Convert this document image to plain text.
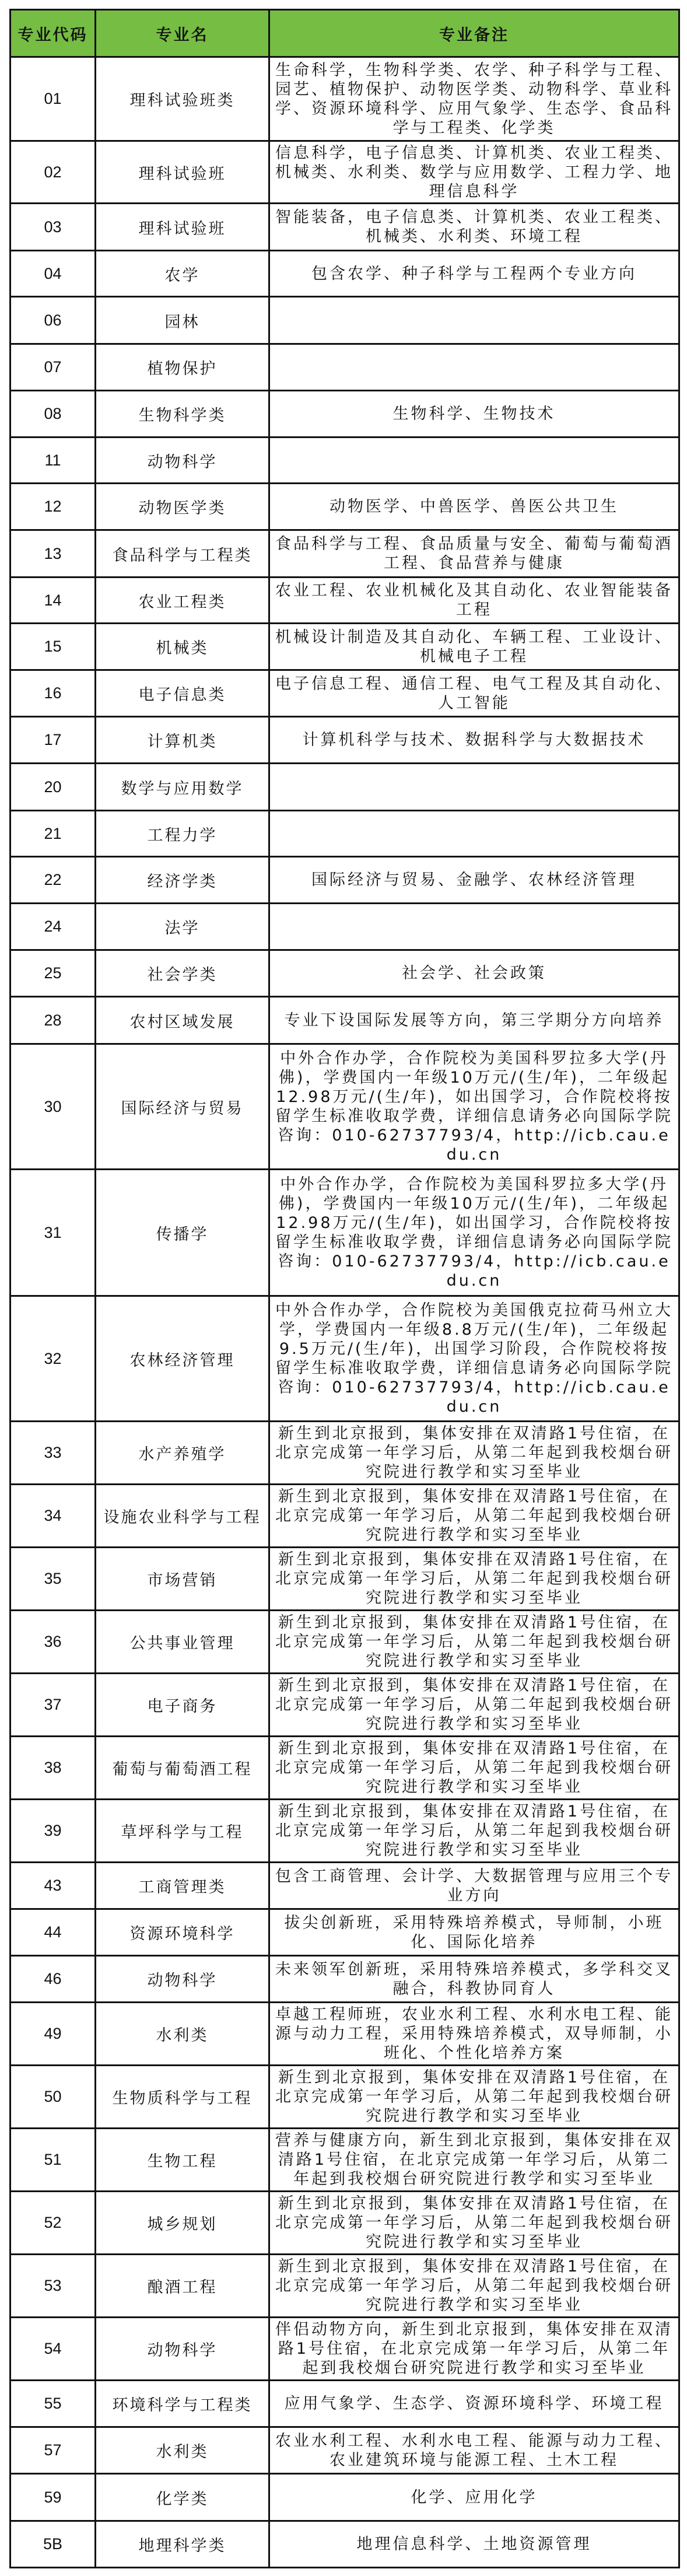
专业代码	专业名	专业备注
01	理科试验班类	生命科学，生物科学类、农学、种子科学与工程、园艺、植物保护、动物医学类、动物科学、草业科学、资源环境科学、应用气象学、生态学、食品科学与工程类、化学类
02	理科试验班	信息科学，电子信息类、计算机类、农业工程类、机械类、水利类、数学与应用数学、工程力学、地理信息科学
03	理科试验班	智能装备，电子信息类、计算机类、农业工程类、机械类、水利类、环境工程
04	农学	包含农学、种子科学与工程两个专业方向
06	园林	
07	植物保护	
08	生物科学类	生物科学、生物技术
11	动物科学	
12	动物医学类	动物医学、中兽医学、兽医公共卫生
13	食品科学与工程类	食品科学与工程、食品质量与安全、葡萄与葡萄酒工程、食品营养与健康
14	农业工程类	农业工程、农业机械化及其自动化、农业智能装备工程
15	机械类	机械设计制造及其自动化、车辆工程、工业设计、机械电子工程
16	电子信息类	电子信息工程、通信工程、电气工程及其自动化、人工智能
17	计算机类	计算机科学与技术、数据科学与大数据技术
20	数学与应用数学	
21	工程力学	
22	经济学类	国际经济与贸易、金融学、农林经济管理
24	法学	
25	社会学类	社会学、社会政策
28	农村区域发展	专业下设国际发展等方向，第三学期分方向培养
30	国际经济与贸易	中外合作办学，合作院校为美国科罗拉多大学(丹佛)，学费国内一年级10万元/(生/年)，二年级起12.98万元/(生/年)，如出国学习，合作院校将按留学生标准收取学费，详细信息请务必向国际学院咨询：010-62737793/4，http://icb.cau.edu.cn
31	传播学	中外合作办学，合作院校为美国科罗拉多大学(丹佛)，学费国内一年级10万元/(生/年)，二年级起12.98万元/(生/年)，如出国学习，合作院校将按留学生标准收取学费，详细信息请务必向国际学院咨询：010-62737793/4，http://icb.cau.edu.cn
32	农林经济管理	中外合作办学，合作院校为美国俄克拉荷马州立大学，学费国内一年级8.8万元/(生/年)，二年级起9.5万元/(生/年)，出国学习阶段，合作院校将按留学生标准收取学费，详细信息请务必向国际学院咨询：010-62737793/4，http://icb.cau.edu.cn
33	水产养殖学	新生到北京报到，集体安排在双清路1号住宿，在北京完成第一年学习后，从第二年起到我校烟台研究院进行教学和实习至毕业
34	设施农业科学与工程	新生到北京报到，集体安排在双清路1号住宿，在北京完成第一年学习后，从第二年起到我校烟台研究院进行教学和实习至毕业
35	市场营销	新生到北京报到，集体安排在双清路1号住宿，在北京完成第一年学习后，从第二年起到我校烟台研究院进行教学和实习至毕业
36	公共事业管理	新生到北京报到，集体安排在双清路1号住宿，在北京完成第一年学习后，从第二年起到我校烟台研究院进行教学和实习至毕业
37	电子商务	新生到北京报到，集体安排在双清路1号住宿，在北京完成第一年学习后，从第二年起到我校烟台研究院进行教学和实习至毕业
38	葡萄与葡萄酒工程	新生到北京报到，集体安排在双清路1号住宿，在北京完成第一年学习后，从第二年起到我校烟台研究院进行教学和实习至毕业
39	草坪科学与工程	新生到北京报到，集体安排在双清路1号住宿，在北京完成第一年学习后，从第二年起到我校烟台研究院进行教学和实习至毕业
43	工商管理类	包含工商管理、会计学、大数据管理与应用三个专业方向
44	资源环境科学	拔尖创新班，采用特殊培养模式，导师制，小班化、国际化培养
46	动物科学	未来领军创新班，采用特殊培养模式，多学科交叉融合，科教协同育人
49	水利类	卓越工程师班，农业水利工程、水利水电工程、能源与动力工程，采用特殊培养模式，双导师制，小班化、个性化培养方案
50	生物质科学与工程	新生到北京报到，集体安排在双清路1号住宿，在北京完成第一年学习后，从第二年起到我校烟台研究院进行教学和实习至毕业
51	生物工程	营养与健康方向，新生到北京报到，集体安排在双清路1号住宿，在北京完成第一年学习后，从第二年起到我校烟台研究院进行教学和实习至毕业
52	城乡规划	新生到北京报到，集体安排在双清路1号住宿，在北京完成第一年学习后，从第二年起到我校烟台研究院进行教学和实习至毕业
53	酿酒工程	新生到北京报到，集体安排在双清路1号住宿，在北京完成第一年学习后，从第二年起到我校烟台研究院进行教学和实习至毕业
54	动物科学	伴侣动物方向，新生到北京报到，集体安排在双清路1号住宿，在北京完成第一年学习后，从第二年起到我校烟台研究院进行教学和实习至毕业
55	环境科学与工程类	应用气象学、生态学、资源环境科学、环境工程
57	水利类	农业水利工程、水利水电工程、能源与动力工程、农业建筑环境与能源工程、土木工程
59	化学类	化学、应用化学
5B	地理科学类	地理信息科学、土地资源管理
